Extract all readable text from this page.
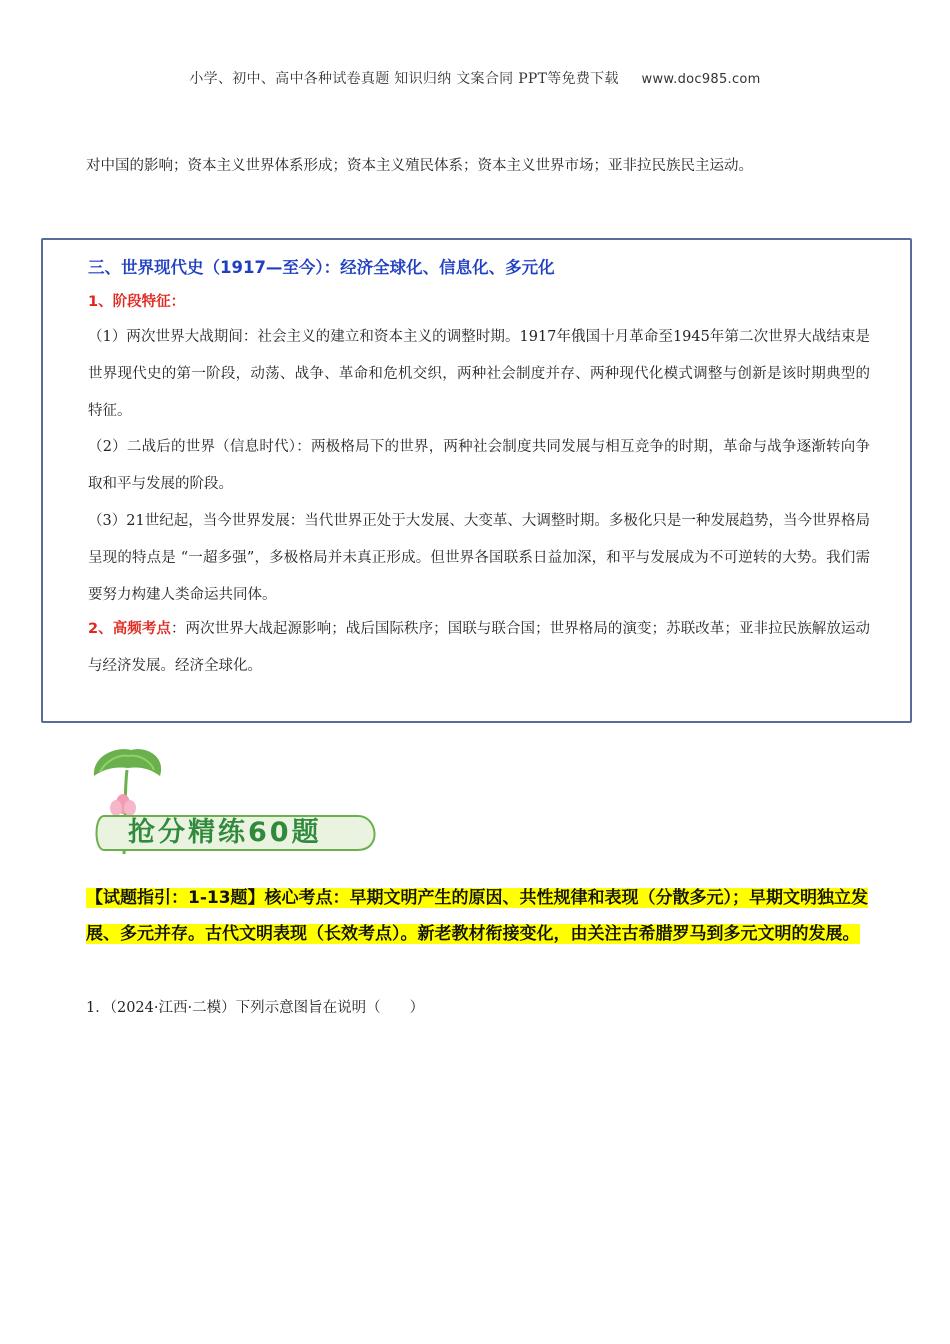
小学、初中、高中各种试卷真题 知识归纳 文案合同 PPT等免费下载 www.doc985.com
对中国的影响；资本主义世界体系形成；资本主义殖民体系；资本主义世界市场；亚非拉民族民主运动。
三、世界现代史（1917—至今）：经济全球化、信息化、多元化
1、阶段特征：
（1）两次世界大战期间：社会主义的建立和资本主义的调整时期。1917年俄国十月革命至1945年第二次世界大战结束是世界现代史的第一阶段，动荡、战争、革命和危机交织，两种社会制度并存、两种现代化模式调整与创新是该时期典型的特征。
（2）二战后的世界（信息时代）：两极格局下的世界，两种社会制度共同发展与相互竞争的时期，革命与战争逐渐转向争取和平与发展的阶段。
（3）21世纪起，当今世界发展：当代世界正处于大发展、大变革、大调整时期。多极化只是一种发展趋势，当今世界格局呈现的特点是 “一超多强”，多极格局并未真正形成。但世界各国联系日益加深，和平与发展成为不可逆转的大势。我们需要努力构建人类命运共同体。
2、高频考点：两次世界大战起源影响；战后国际秩序；国联与联合国；世界格局的演变；苏联改革；亚非拉民族解放运动与经济发展。经济全球化。
抢分精练60题
【试题指引：1-13题】核心考点：早期文明产生的原因、共性规律和表现（分散多元）；早期文明独立发展、多元并存。古代文明表现（长效考点）。新老教材衔接变化，由关注古希腊罗马到多元文明的发展。
1．（2024·江西·二模）下列示意图旨在说明（　　）
